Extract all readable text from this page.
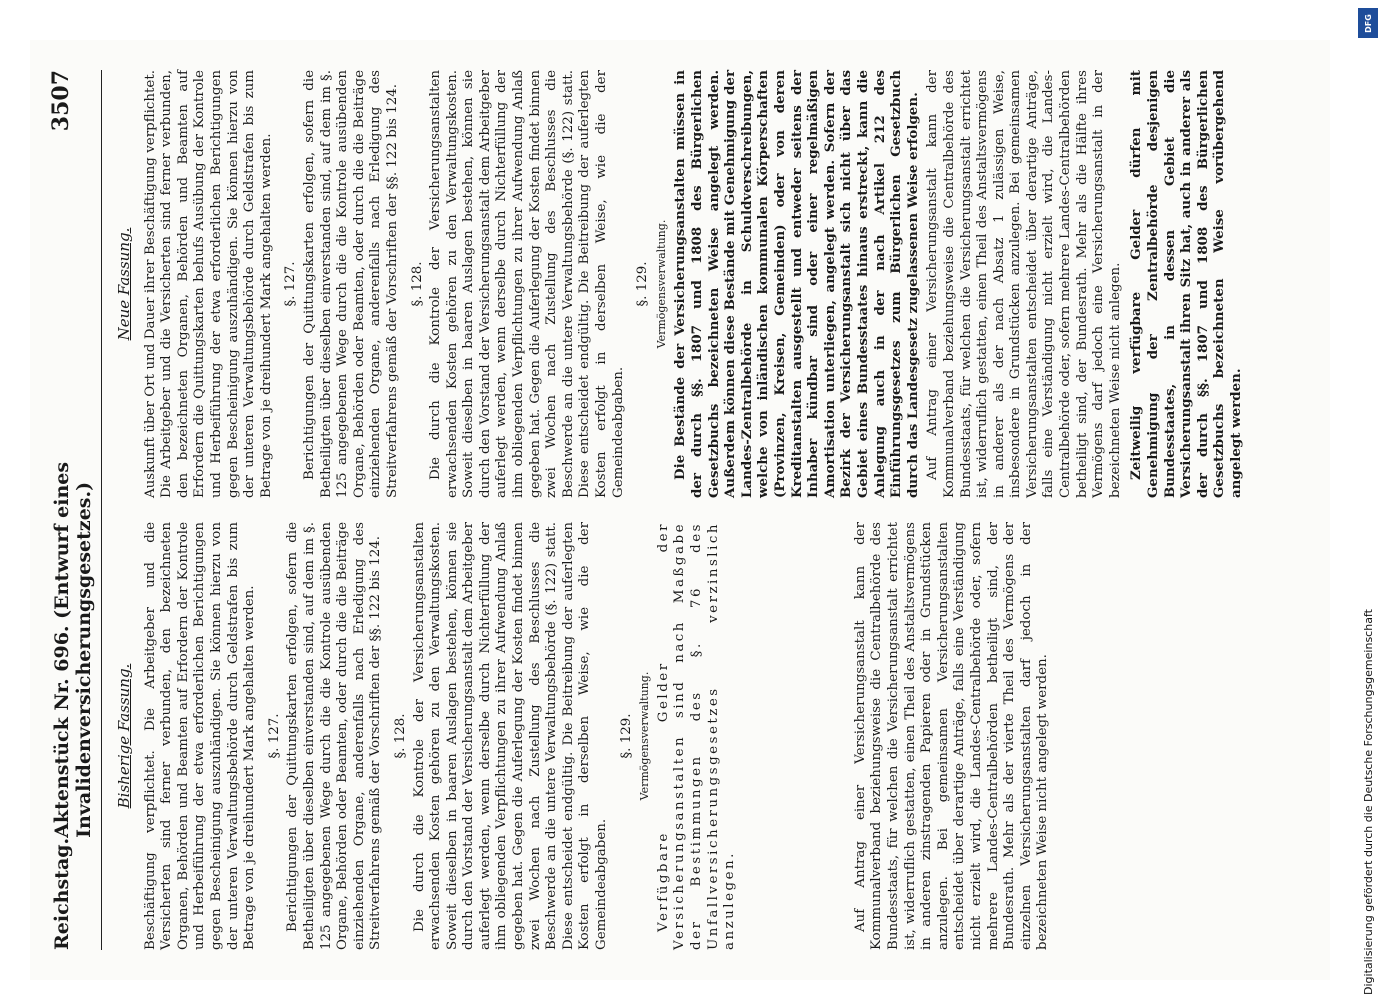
Reichstag.
Aktenstück Nr. 696. (Entwurf eines Invalidenversicherungsgesetzes.)
3507
Bisherige Fassung. Beschäftigung verpflichtet. Die Arbeitgeber und die Versicherten sind ferner verbunden, den bezeichneten Organen, Behörden und Beamten auf Erfordern der Kontrole und Herbeiführung der etwa erforderlichen Berichtigungen gegen Bescheinigung auszuhändigen. Sie können hierzu von der unteren Verwaltungsbehörde durch Geldstrafen bis zum Betrage von je dreihundert Mark angehalten werden. §. 127. Berichtigungen der Quittungskarten erfolgen, sofern die Betheiligten über dieselben einverstanden sind, auf dem im §. 125 angegebenen Wege durch die die Kontrole ausübenden Organe, Behörden oder Beamten, oder durch die die Beiträge einziehenden Organe, anderenfalls nach Erledigung des Streitverfahrens gemäß der Vorschriften der §§. 122 bis 124. §. 128. Die durch die Kontrole der Versicherungsanstalten erwachsenden Kosten gehören zu den Verwaltungskosten. Soweit dieselben in baaren Auslagen bestehen, können sie durch den Vorstand der Versicherungsanstalt dem Arbeitgeber auferlegt werden, wenn derselbe durch Nichterfüllung der ihm obliegenden Verpflichtungen zu ihrer Aufwendung Anlaß gegeben hat. Gegen die Auferlegung der Kosten findet binnen zwei Wochen nach Zustellung des Beschlusses die Beschwerde an die untere Verwaltungsbehörde (§. 122) statt. Diese entscheidet endgültig. Die Beitreibung der auferlegten Kosten erfolgt in derselben Weise, wie die der Gemeindeabgaben.

§. 129. Vermögensverwaltung. Verfügbare Gelder der Versicherungsanstalten sind nach Maßgabe der Bestimmungen des §. 76 des Unfallversicherungsgesetzes verzinslich anzulegen.	Auf Antrag einer Versicherungsanstalt kann der Kommunalverband beziehungsweise die Centralbehörde des Bundesstaats, für welchen die Versicherungsanstalt errichtet ist, widerruflich gestatten, einen Theil des Anstaltsvermögens in anderen zinstragenden Papieren oder in Grundstücken anzulegen. Bei gemeinsamen Versicherungsanstalten entscheidet über derartige Anträge, falls eine Verständigung nicht erzielt wird, die Landes-Centralbehörde oder, sofern mehrere Landes-Centralbehörden betheiligt sind, der Bundesrath. Mehr als der vierte Theil des Vermögens der einzelnen Versicherungsanstalten darf jedoch in der bezeichneten Weise nicht angelegt werden.

Neue Fassung. Auskunft über Ort und Dauer ihrer Beschäftigung verpflichtet. Die Arbeitgeber und die Versicherten sind ferner verbunden, den bezeichneten Organen, Behörden und Beamten auf Erfordern die Quittungskarten behufs Ausübung der Kontrole und Herbeiführung der etwa erforderlichen Berichtigungen gegen Bescheinigung auszuhändigen. Sie können hierzu von der unteren Verwaltungsbehörde durch Geldstrafen bis zum Betrage von je dreihundert Mark angehalten werden. §. 127. Berichtigungen der Quittungskarten erfolgen, sofern die Betheiligten über dieselben einverstanden sind, auf dem im §. 125 angegebenen Wege durch die die Kontrole ausübenden Organe, Behörden oder Beamten, oder durch die die Beiträge einziehenden Organe, anderenfalls nach Erledigung des Streitverfahrens gemäß der Vorschriften der §§. 122 bis 124. §. 128. Die durch die Kontrole der Versicherungsanstalten erwachsenden Kosten gehören zu den Verwaltungskosten. Soweit dieselben in baaren Auslagen bestehen, können sie durch den Vorstand der Versicherungsanstalt dem Arbeitgeber auferlegt werden, wenn derselbe durch Nichterfüllung der ihm obliegenden Verpflichtungen zu ihrer Aufwendung Anlaß gegeben hat. Gegen die Auferlegung der Kosten findet binnen zwei Wochen nach Zustellung des Beschlusses die Beschwerde an die untere Verwaltungsbehörde (§. 122) statt. Diese entscheidet endgültig. Die Beitreibung der auferlegten Kosten erfolgt in derselben Weise, wie die der Gemeindeabgaben.

§. 129. Vermögensverwaltung. Die Bestände der Versicherungsanstalten müssen in der durch §§. 1807 und 1808 des Bürgerlichen Gesetzbuchs bezeichneten Weise angelegt werden. Außerdem können diese Bestände mit Genehmigung der Landes-Zentralbehörde in Schuldverschreibungen, welche von inländischen kommunalen Körperschaften (Provinzen, Kreisen, Gemeinden) oder von deren Kreditanstalten ausgestellt und entweder seitens der Inhaber kündbar sind oder einer regelmäßigen Amortisation unterliegen, angelegt werden. Sofern der Bezirk der Versicherungsanstalt sich nicht über das Gebiet eines Bundesstaates hinaus erstreckt, kann die Anlegung auch in der nach Artikel 212 des Einführungsgesetzes zum Bürgerlichen Gesetzbuch durch das Landesgesetz zugelassenen Weise erfolgen. Auf Antrag einer Versicherungsanstalt kann der Kommunalverband beziehungsweise die Centralbehörde des Bundesstaats, für welchen die Versicherungsanstalt errichtet ist, widerruflich gestatten, einen Theil des Anstaltsvermögens in anderer als der nach Absatz 1 zulässigen Weise, insbesondere in Grundstücken anzulegen. Bei gemeinsamen Versicherungsanstalten entscheidet über derartige Anträge, falls eine Verständigung nicht erzielt wird, die Landes-Centralbehörde oder, sofern mehrere Landes-Centralbehörden betheiligt sind, der Bundesrath. Mehr als die Hälfte ihres Vermögens darf jedoch eine Versicherungsanstalt in der bezeichneten Weise nicht anlegen. Zeitweilig verfügbare Gelder dürfen mit Genehmigung der Zentralbehörde desjenigen Bundesstaates, in dessen Gebiet die Versicherungsanstalt ihren Sitz hat, auch in anderer als der durch §§. 1807 und 1808 des Bürgerlichen Gesetzbuchs bezeichneten Weise vorübergehend angelegt werden.

DFG
Digitalisierung gefördert durch die Deutsche Forschungsgemeinschaft
